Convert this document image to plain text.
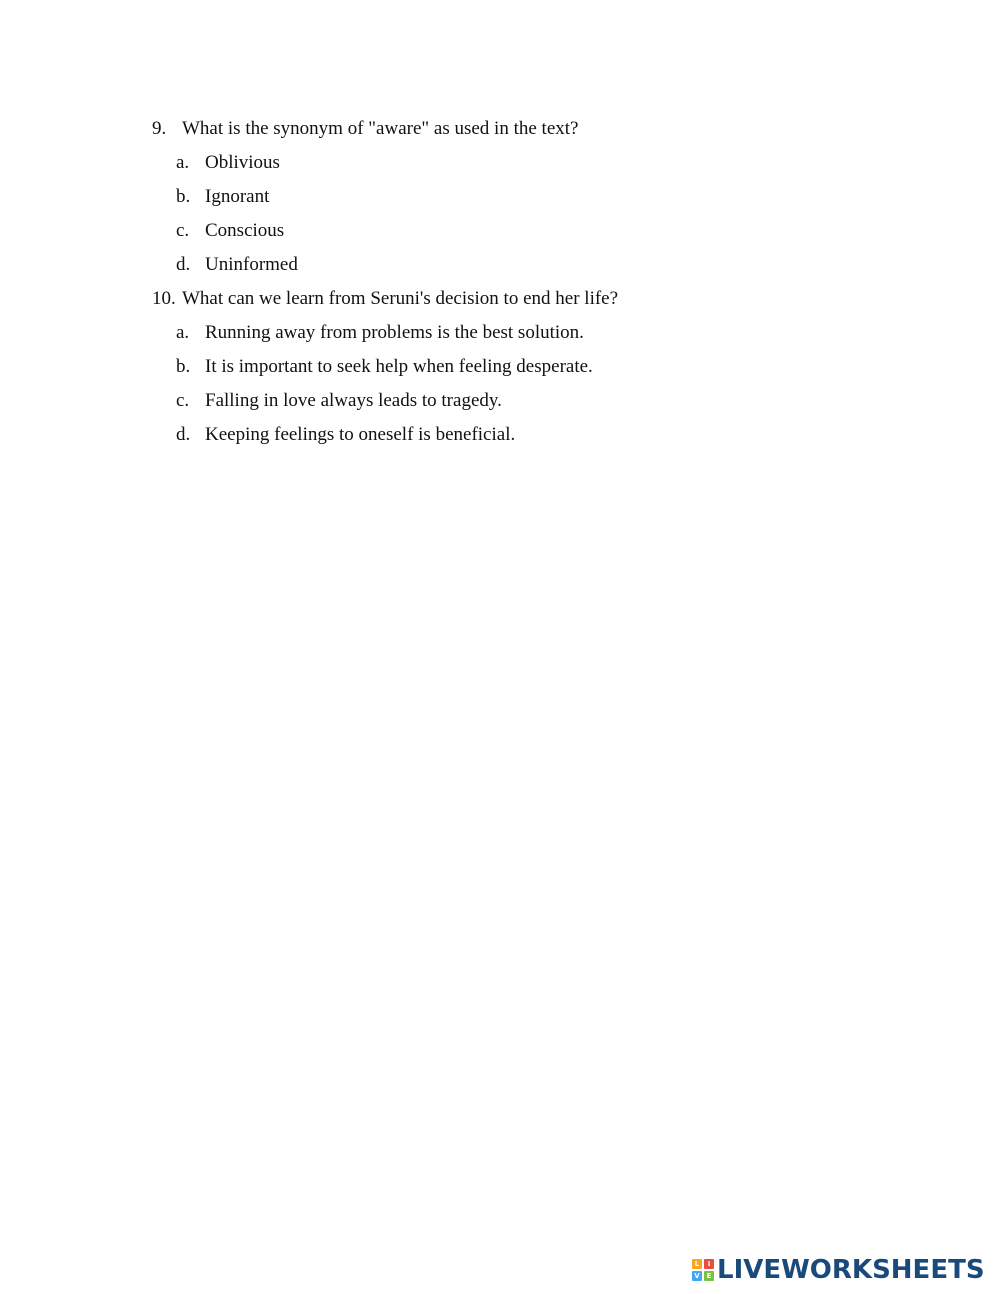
9. What is the synonym of "aware" as used in the text?
a. Oblivious
b. Ignorant
c. Conscious
d. Uninformed
10. What can we learn from Seruni's decision to end her life?
a. Running away from problems is the best solution.
b. It is important to seek help when feeling desperate.
c. Falling in love always leads to tragedy.
d. Keeping feelings to oneself is beneficial.
L	I
V E LIVEWORKSHEETS
